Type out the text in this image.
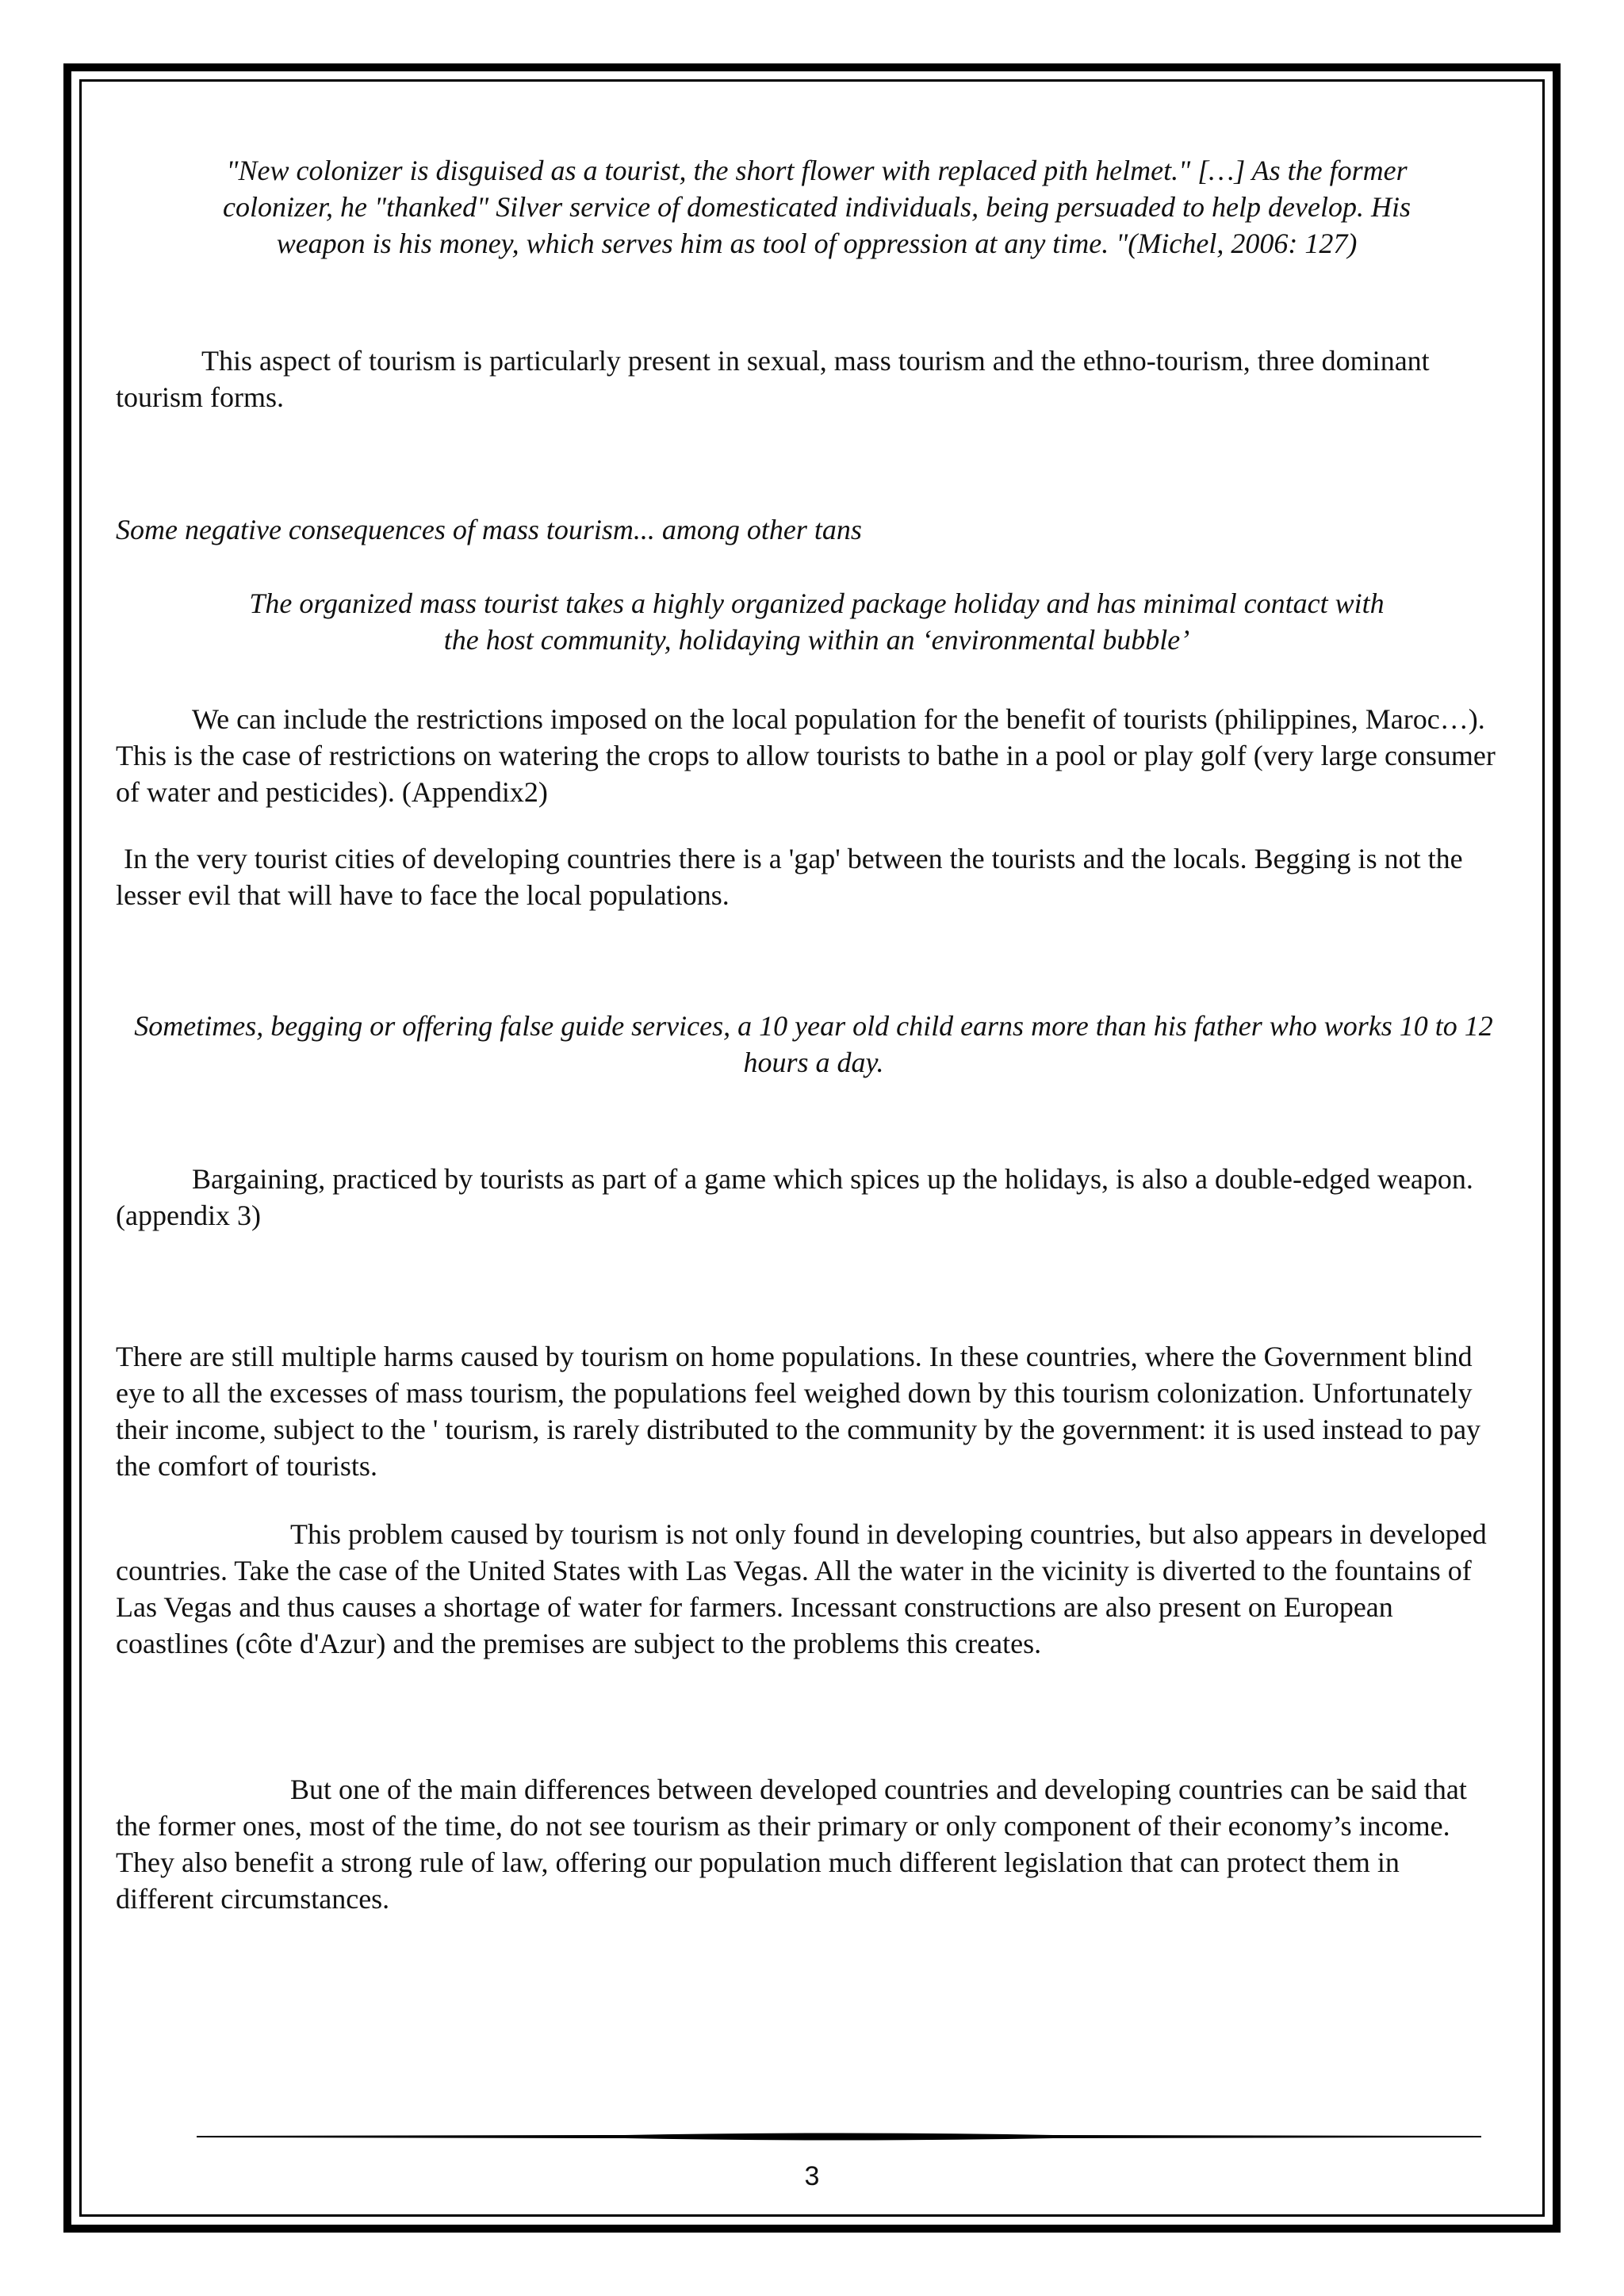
"New colonizer is disguised as a tourist, the short flower with replaced pith helmet." […] As the former colonizer, he "thanked" Silver service of domesticated individuals, being persuaded to help develop. His weapon is his money, which serves him as tool of oppression at any time. "(Michel, 2006: 127)

This aspect of tourism is particularly present in sexual, mass tourism and the ethno-tourism, three dominant tourism forms.

Some negative consequences of mass tourism... among other tans

The organized mass tourist takes a highly organized package holiday and has minimal contact with the host community, holidaying within an ‘environmental bubble’

We can include the restrictions imposed on the local population for the benefit of tourists (philippines, Maroc…). This is the case of restrictions on watering the crops to allow tourists to bathe in a pool or play golf (very large consumer of water and pesticides). (Appendix2)

In the very tourist cities of developing countries there is a 'gap' between the tourists and the locals. Begging is not the lesser evil that will have to face the local populations.

Sometimes, begging or offering false guide services, a 10 year old child earns more than his father who works 10 to 12 hours a day.

Bargaining, practiced by tourists as part of a game which spices up the holidays, is also a double-edged weapon. (appendix 3)

There are still multiple harms caused by tourism on home populations. In these countries, where the Government blind eye to all the excesses of mass tourism, the populations feel weighed down by this tourism colonization. Unfortunately their income, subject to the ' tourism, is rarely distributed to the community by the government: it is used instead to pay the comfort of tourists.

This problem caused by tourism is not only found in developing countries, but also appears in developed countries. Take the case of the United States with Las Vegas. All the water in the vicinity is diverted to the fountains of Las Vegas and thus causes a shortage of water for farmers. Incessant constructions are also present on European coastlines (côte d'Azur) and the premises are subject to the problems this creates.

But one of the main differences between developed countries and developing countries can be said that the former ones, most of the time, do not see tourism as their primary or only component of their economy’s income. They also benefit a strong rule of law, offering our population much different legislation that can protect them in different circumstances.

3
